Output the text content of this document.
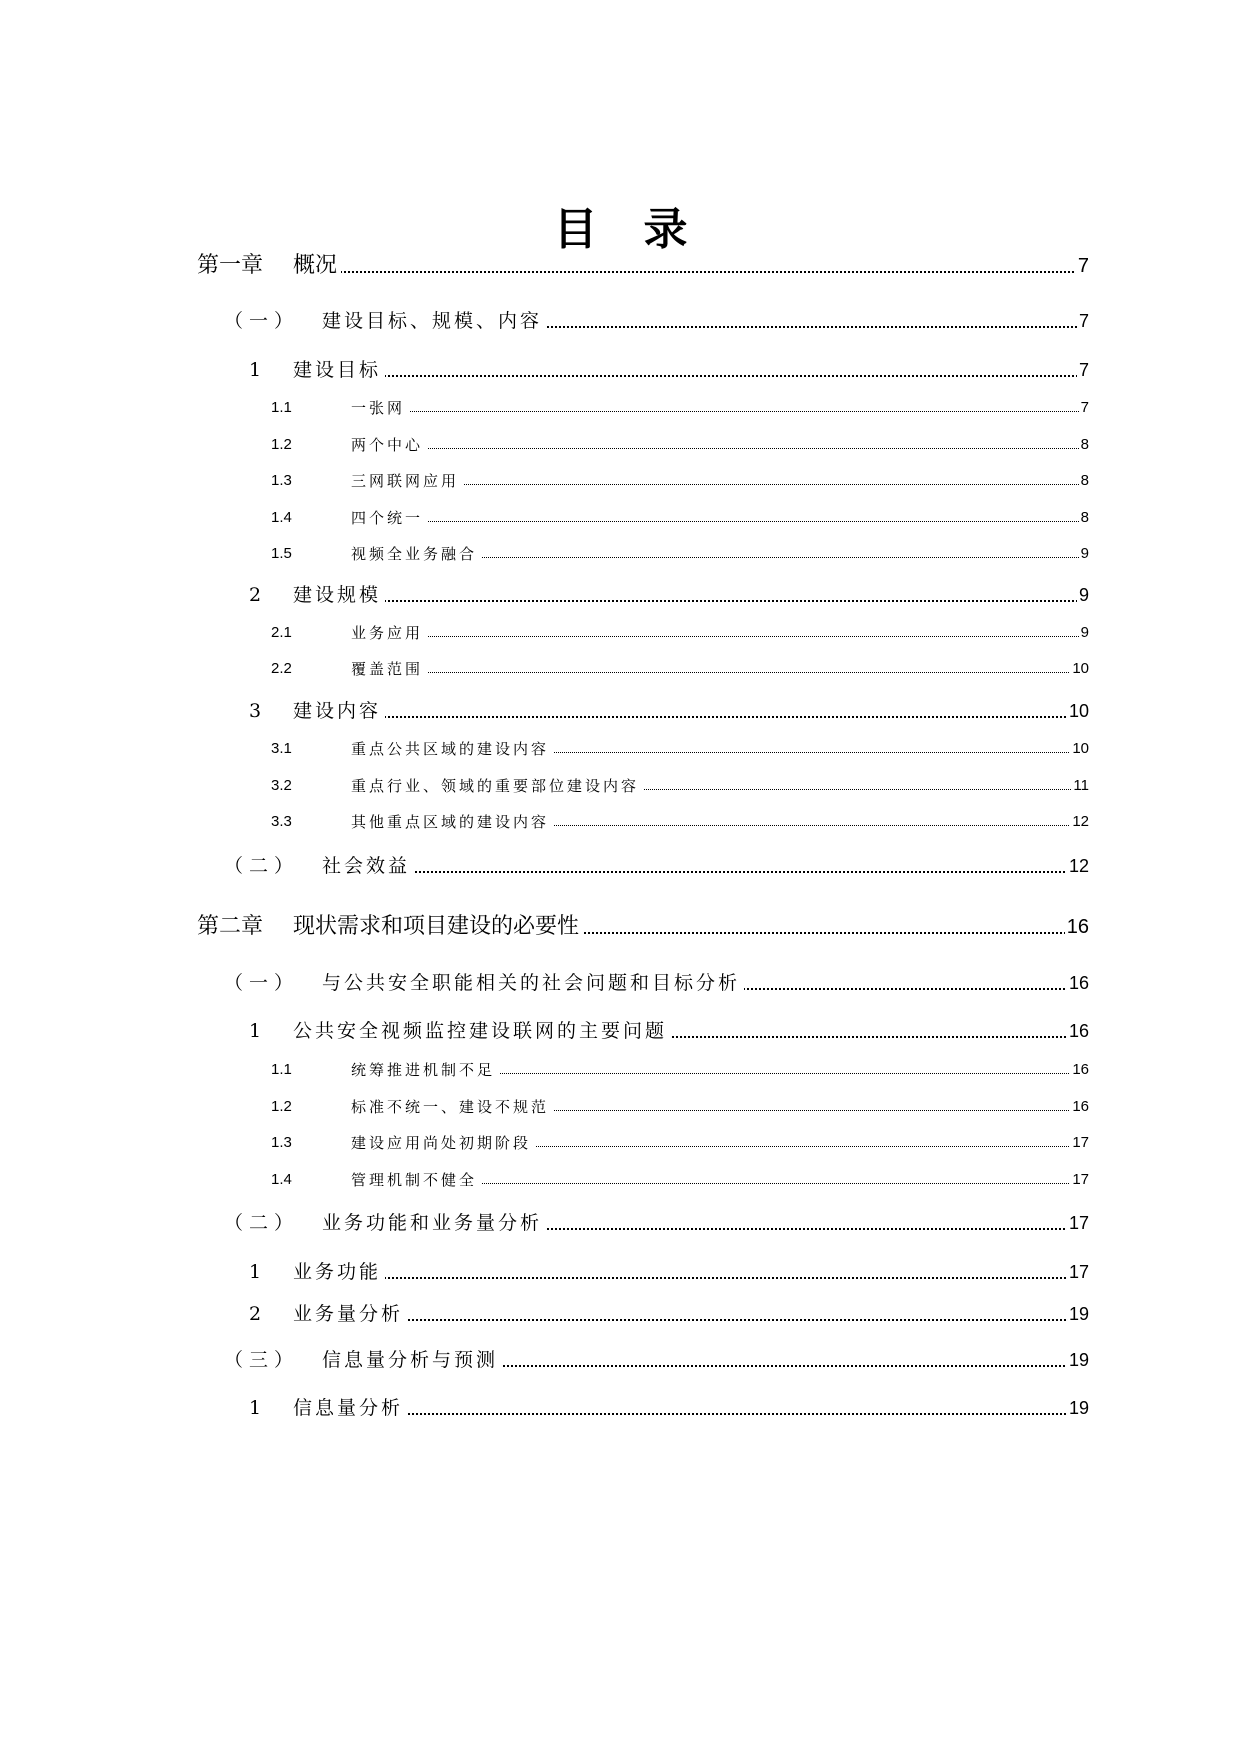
目录
第一章 概况	7
（一） 建设目标、规模、内容	7
1 建设目标	7
1.1	一张网	7
1.2	两个中心	8
1.3	三网联网应用	8
1.4	四个统一	8
1.5	视频全业务融合	9
2 建设规模	9
2.1	业务应用	9
2.2	覆盖范围	10
3 建设内容	10
3.1	重点公共区域的建设内容	10
3.2	重点行业、领域的重要部位建设内容	11
3.3	其他重点区域的建设内容	12
（二） 社会效益	12
第二章 现状需求和项目建设的必要性	16
（一） 与公共安全职能相关的社会问题和目标分析	16
1 公共安全视频监控建设联网的主要问题	16
1.1	统筹推进机制不足	16
1.2	标准不统一、建设不规范	16
1.3	建设应用尚处初期阶段	17
1.4	管理机制不健全	17
（二） 业务功能和业务量分析	17
1 业务功能	17
2 业务量分析	19
（三） 信息量分析与预测	19
1 信息量分析	19
